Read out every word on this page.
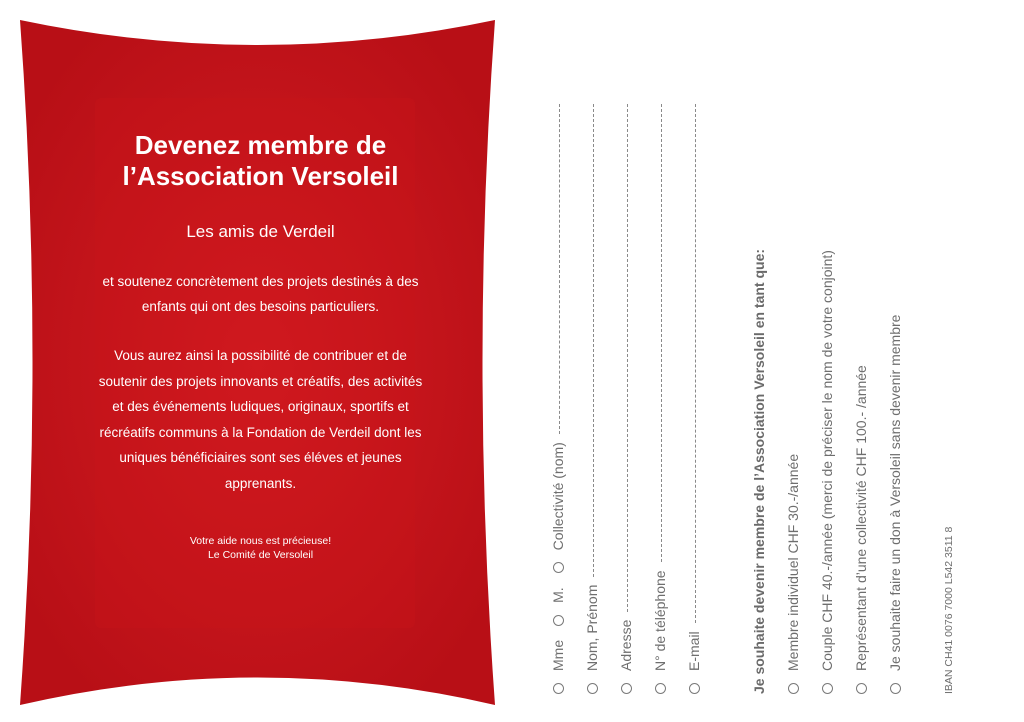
Devenez membre de
l’Association Versoleil

Les amis de Verdeil

et soutenez concrètement des projets destinés à des
enfants qui ont des besoins particuliers.

Vous aurez ainsi la possibilité de contribuer et de
soutenir des projets innovants et créatifs, des activités
et des événements ludiques, originaux, sportifs et
récréatifs communs à la Fondation de Verdeil dont les
uniques bénéficiaires sont ses éléves et jeunes
apprenants.

Votre aide nous est précieuse!
Le Comité de Versoleil

Mme
M.
Collectivité (nom)
Nom, Prénom Adresse N° de téléphone E-mail	Je souhaite devenir membre de l’Association Versoleil en tant que: Membre individuel CHF 30.-/année Couple CHF 40.-/année (merci de préciser le nom de votre conjoint) Représentant d’une collectivité CHF 100.- /année Je souhaite faire un don à Versoleil sans devenir membre	IBAN CH41 0076 7000 L542 3511 8
